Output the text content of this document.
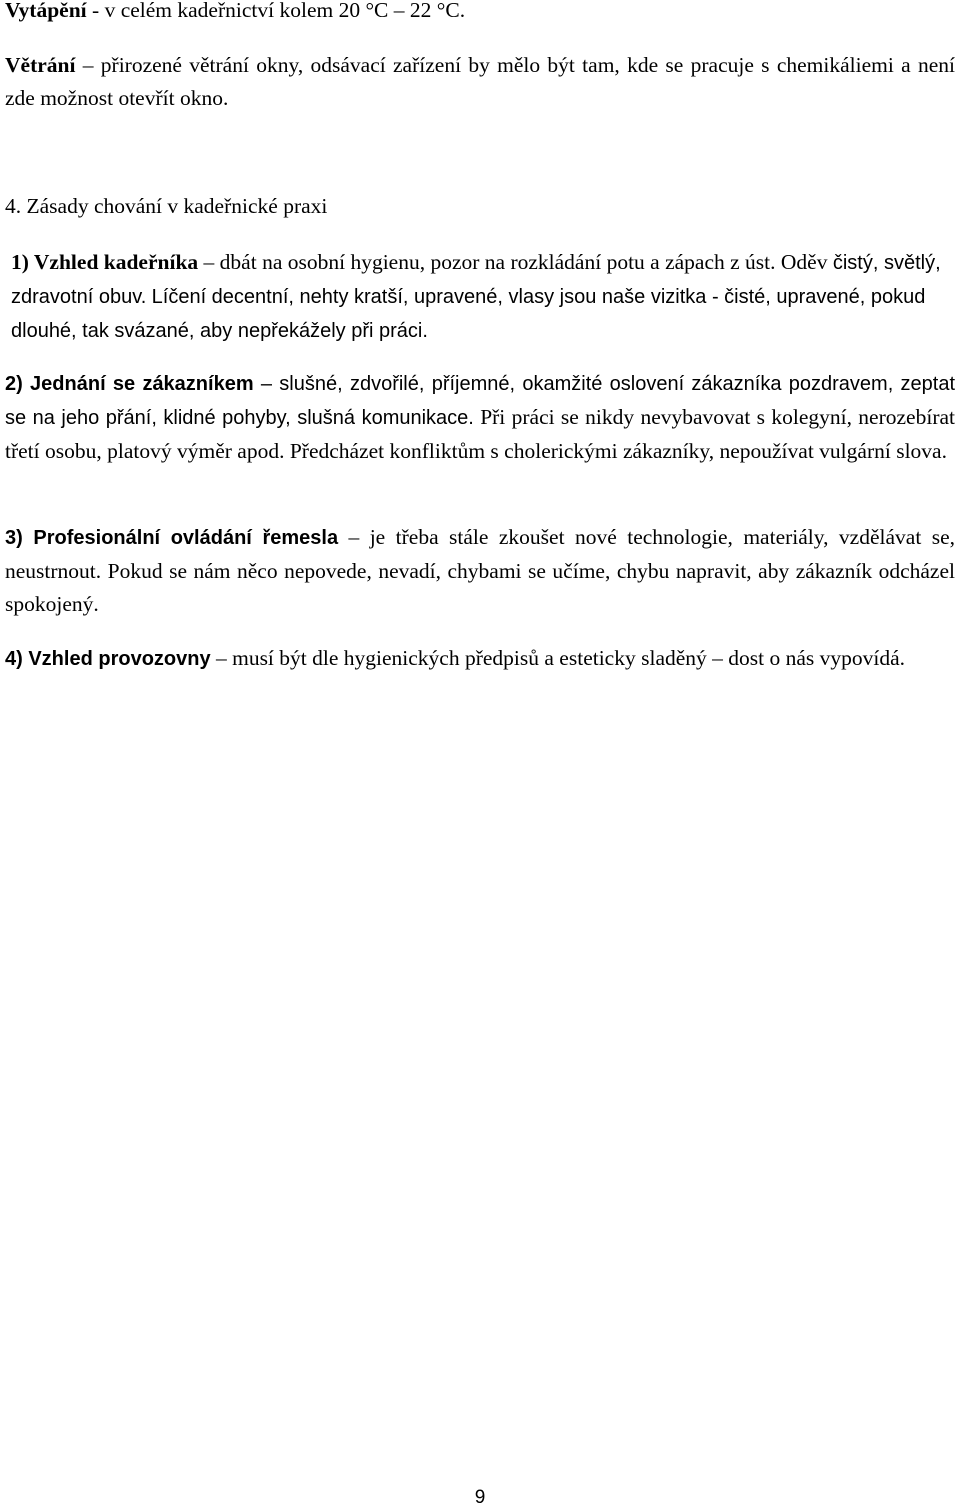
Vytápění - v celém kadeřnictví kolem 20 °C – 22 °C.

Větrání – přirozené větrání okny, odsávací zařízení by mělo být tam, kde se pracuje s chemikáliemi a není zde možnost otevřít okno.

4. Zásady chování v kadeřnické praxi

1) Vzhled kadeřníka – dbát na osobní hygienu, pozor na rozkládání potu a zápach z úst. Oděv čistý, světlý, zdravotní obuv. Líčení decentní, nehty kratší, upravené, vlasy jsou naše vizitka - čisté, upravené, pokud dlouhé, tak svázané, aby nepřekážely při práci.

2) Jednání se zákazníkem – slušné, zdvořilé, příjemné, okamžité oslovení zákazníka pozdravem, zeptat se na jeho přání, klidné pohyby, slušná komunikace. Při práci se nikdy nevybavovat s kolegyní, nerozebírat třetí osobu, platový výměr apod. Předcházet konfliktům s cholerickými zákazníky, nepoužívat vulgární slova.

3) Profesionální ovládání řemesla – je třeba stále zkoušet nové technologie, materiály, vzdělávat se, neustrnout. Pokud se nám něco nepovede, nevadí, chybami se učíme, chybu napravit, aby zákazník odcházel spokojený.

4) Vzhled provozovny – musí být dle hygienických předpisů a esteticky sladěný – dost o nás vypovídá.

9
